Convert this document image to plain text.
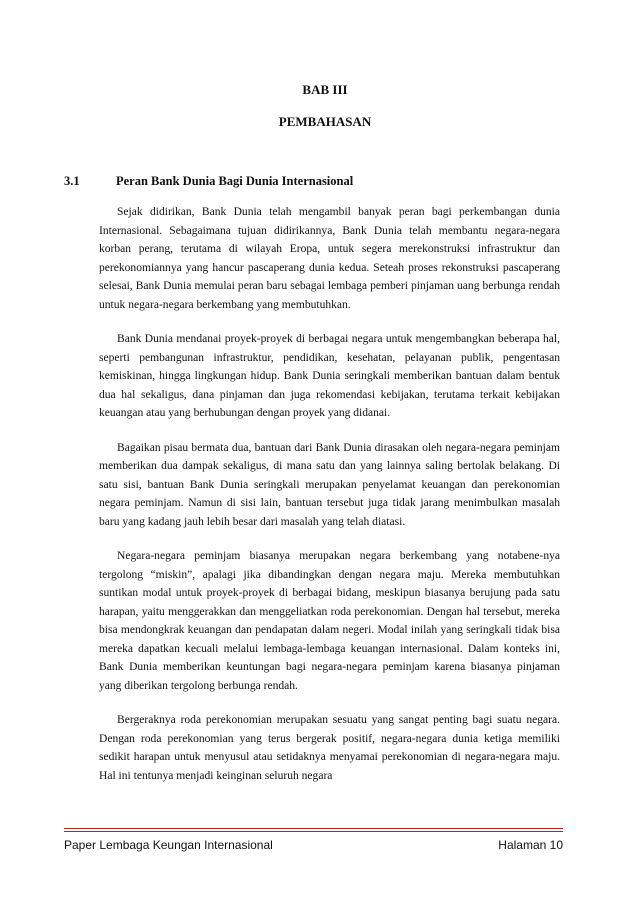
BAB III
PEMBAHASAN
3.1	Peran Bank Dunia Bagi Dunia Internasional

Sejak didirikan, Bank Dunia telah mengambil banyak peran bagi perkembangan dunia Internasional. Sebagaimana tujuan didirikannya, Bank Dunia telah membantu negara-negara korban perang, terutama di wilayah Eropa, untuk segera merekonstruksi infrastruktur dan perekonomiannya yang hancur pascaperang dunia kedua. Seteah proses rekonstruksi pascaperang selesai, Bank Dunia memulai peran baru sebagai lembaga pemberi pinjaman uang berbunga rendah untuk negara-negara berkembang yang membutuhkan.

Bank Dunia mendanai proyek-proyek di berbagai negara untuk mengembangkan beberapa hal, seperti pembangunan infrastruktur, pendidikan, kesehatan, pelayanan publik, pengentasan kemiskinan, hingga lingkungan hidup. Bank Dunia seringkali memberikan bantuan dalam bentuk dua hal sekaligus, dana pinjaman dan juga rekomendasi kebijakan, terutama terkait kebijakan keuangan atau yang berhubungan dengan proyek yang didanai.

Bagaikan pisau bermata dua, bantuan dari Bank Dunia dirasakan oleh negara-negara peminjam memberikan dua dampak sekaligus, di mana satu dan yang lainnya saling bertolak belakang. Di satu sisi, bantuan Bank Dunia seringkali merupakan penyelamat keuangan dan perekonomian negara peminjam. Namun di sisi lain, bantuan tersebut juga tidak jarang menimbulkan masalah baru yang kadang jauh lebih besar dari masalah yang telah diatasi.

Negara-negara peminjam biasanya merupakan negara berkembang yang notabene-nya tergolong “miskin”, apalagi jika dibandingkan dengan negara maju. Mereka membutuhkan suntikan modal untuk proyek-proyek di berbagai bidang, meskipun biasanya berujung pada satu harapan, yaitu menggerakkan dan menggeliatkan roda perekonomian. Dengan hal tersebut, mereka bisa mendongkrak keuangan dan pendapatan dalam negeri. Modal inilah yang seringkali tidak bisa mereka dapatkan kecuali melalui lembaga-lembaga keuangan internasional. Dalam konteks ini, Bank Dunia memberikan keuntungan bagi negara-negara peminjam karena biasanya pinjaman yang diberikan tergolong berbunga rendah.

Bergeraknya roda perekonomian merupakan sesuatu yang sangat penting bagi suatu negara. Dengan roda perekonomian yang terus bergerak positif, negara-negara dunia ketiga memiliki sedikit harapan untuk menyusul atau setidaknya menyamai perekonomian di negara-negara maju. Hal ini tentunya menjadi keinginan seluruh negara

Paper Lembaga Keungan Internasional	Halaman 10
